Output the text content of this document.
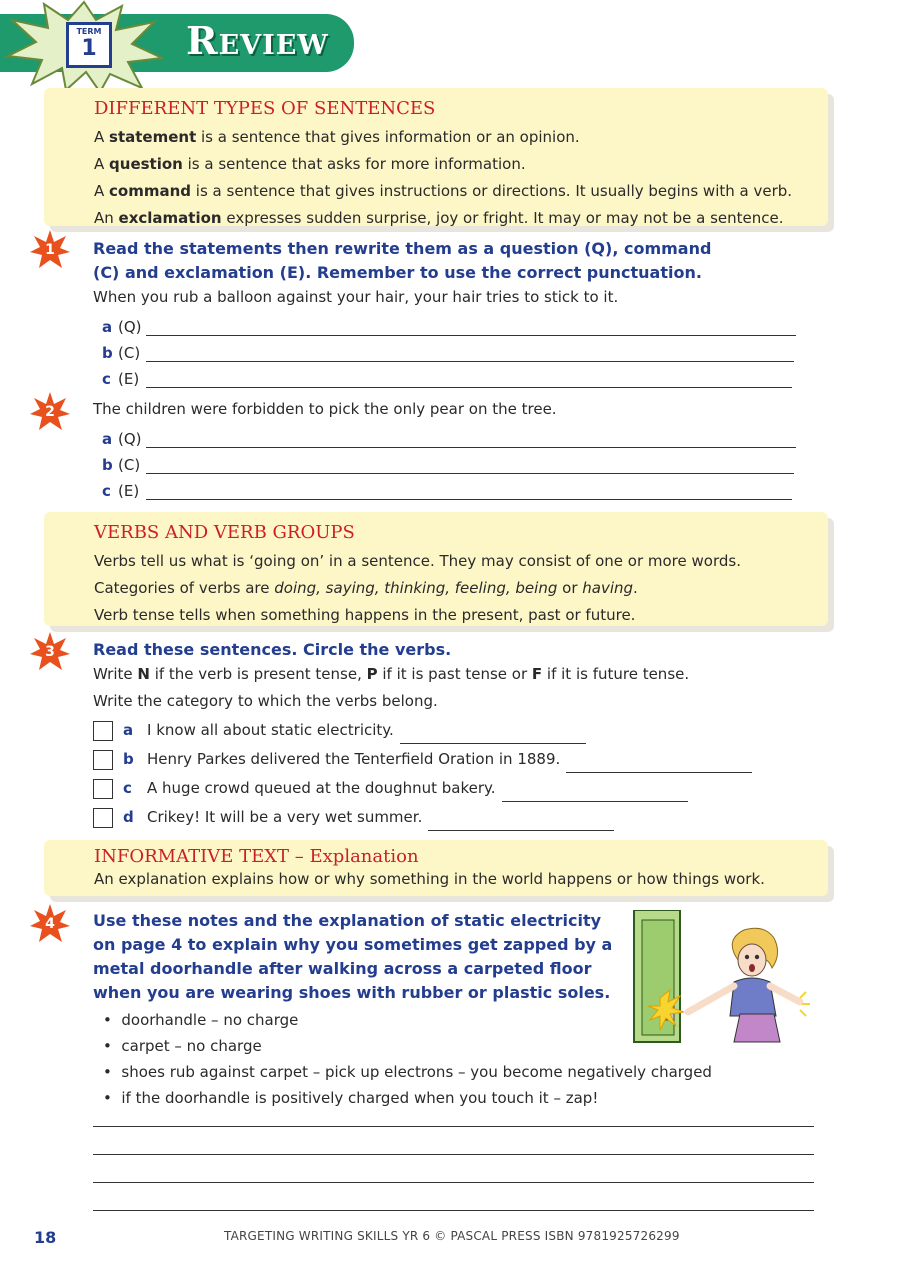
TERM
1	Review
DIFFERENT TYPES OF SENTENCES
A statement is a sentence that gives information or an opinion.
A question is a sentence that asks for more information.
A command is a sentence that gives instructions or directions. It usually begins with a verb.
An exclamation expresses sudden surprise, joy or fright. It may or may not be a sentence.
1	Read the statements then rewrite them as a question (Q), command (C) and exclamation (E). Remember to use the correct punctuation.
When you rub a balloon against your hair, your hair tries to stick to it.
a (Q)
b (C)
c (E)
2	The children were forbidden to pick the only pear on the tree.
a (Q)
b (C)
c (E)
VERBS AND VERB GROUPS
Verbs tell us what is ‘going on’ in a sentence. They may consist of one or more words.
Categories of verbs are doing, saying, thinking, feeling, being or having.
Verb tense tells when something happens in the present, past or future.
3	Read these sentences. Circle the verbs.
Write N if the verb is present tense, P if it is past tense or F if it is future tense.
Write the category to which the verbs belong.
a I know all about static electricity.
b Henry Parkes delivered the Tenterfield Oration in 1889.
c A huge crowd queued at the doughnut bakery.
d Crikey! It will be a very wet summer.
INFORMATIVE TEXT – Explanation
An explanation explains how or why something in the world happens or how things work.
4	Use these notes and the explanation of static electricity on page 4 to explain why you sometimes get zapped by a metal doorhandle after walking across a carpeted floor when you are wearing shoes with rubber or plastic soles.
•  doorhandle – no charge
•  carpet – no charge
•  shoes rub against carpet – pick up electrons – you become negatively charged
•  if the doorhandle is positively charged when you touch it – zap!
18	TARGETING WRITING SKILLS YR 6 © PASCAL PRESS ISBN 9781925726299
